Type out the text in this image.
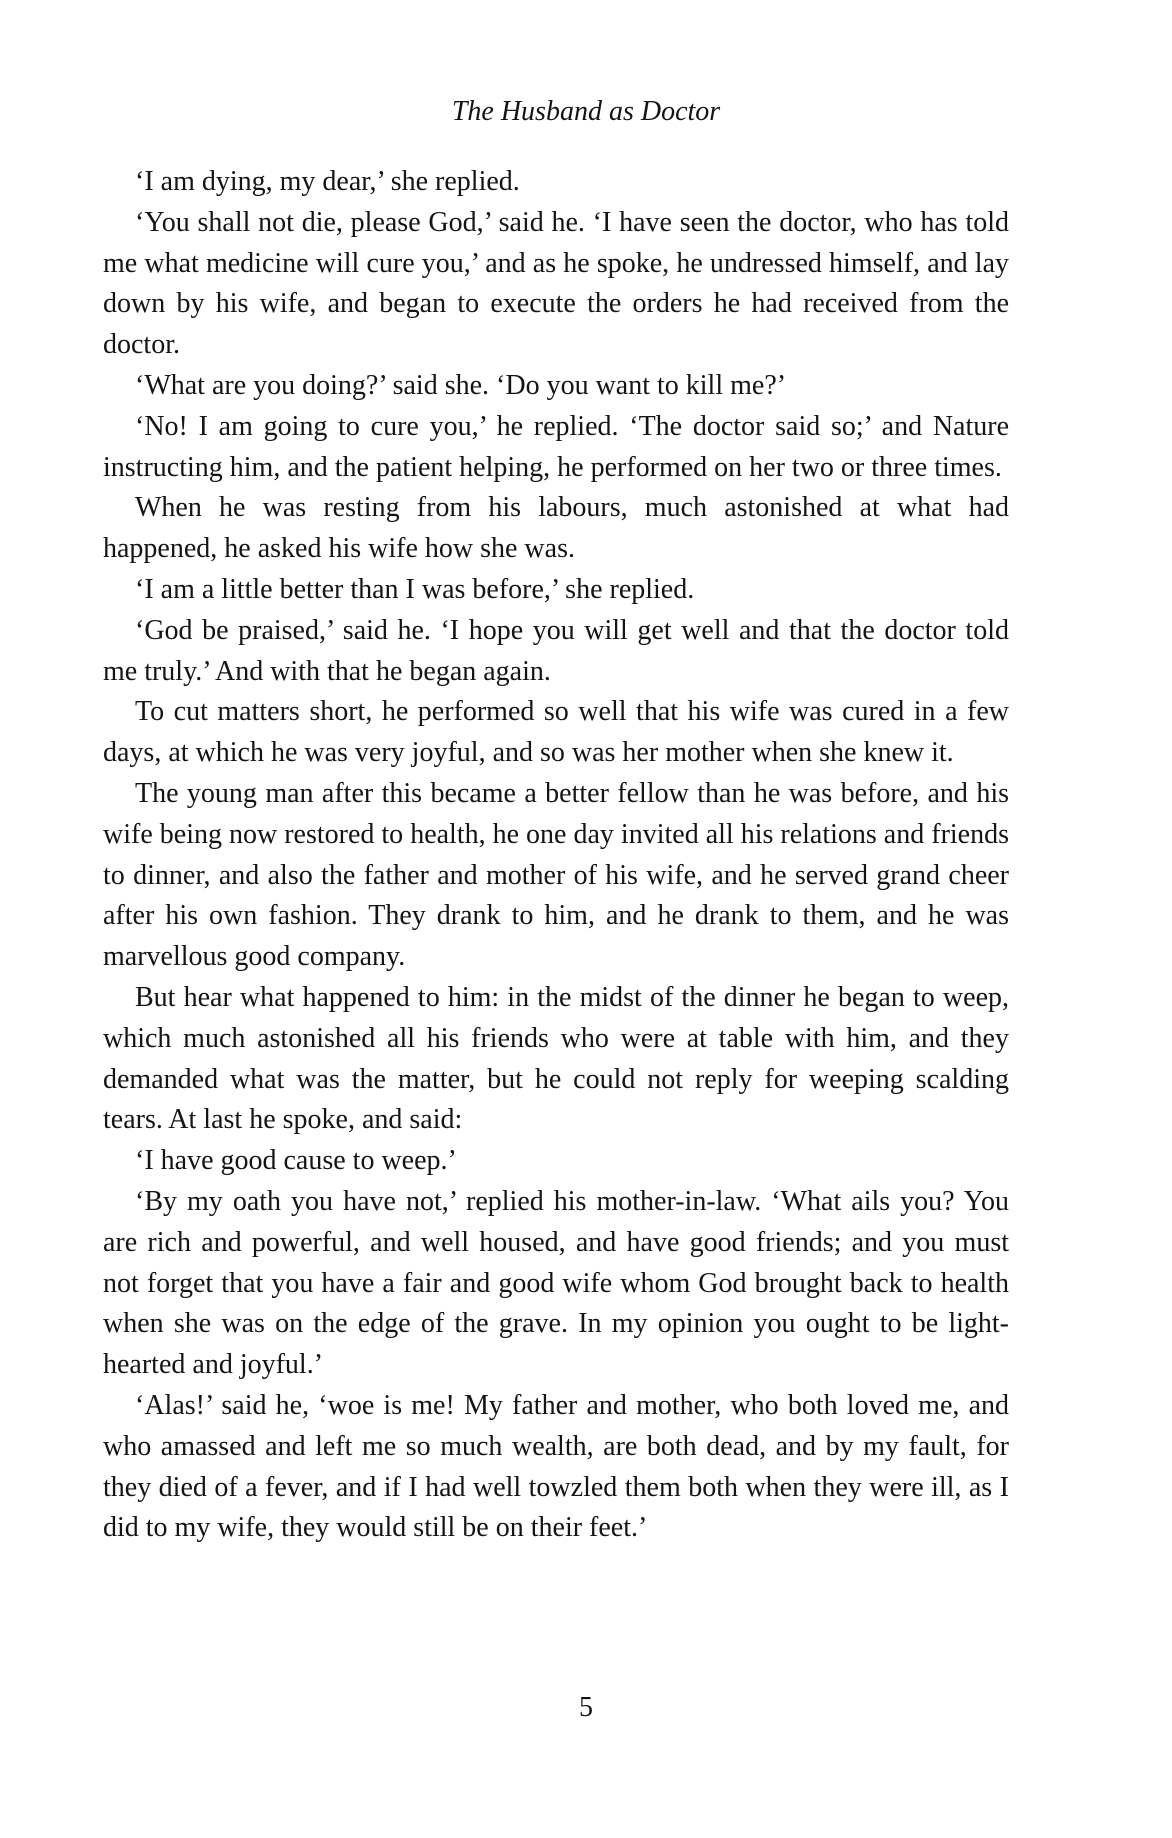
The Husband as Doctor

‘I am dying, my dear,’ she replied.

‘You shall not die, please God,’ said he. ‘I have seen the doctor, who has told me what medicine will cure you,’ and as he spoke, he undressed himself, and lay down by his wife, and began to execute the orders he had received from the doctor.

‘What are you doing?’ said she. ‘Do you want to kill me?’

‘No! I am going to cure you,’ he replied. ‘The doctor said so;’ and Nature instructing him, and the patient helping, he performed on her two or three times.

When he was resting from his labours, much astonished at what had happened, he asked his wife how she was.

‘I am a little better than I was before,’ she replied.

‘God be praised,’ said he. ‘I hope you will get well and that the doctor told me truly.’ And with that he began again.

To cut matters short, he performed so well that his wife was cured in a few days, at which he was very joyful, and so was her mother when she knew it.

The young man after this became a better fellow than he was before, and his wife being now restored to health, he one day invited all his relations and friends to dinner, and also the father and mother of his wife, and he served grand cheer after his own fashion. They drank to him, and he drank to them, and he was marvellous good company.

But hear what happened to him: in the midst of the dinner he began to weep, which much astonished all his friends who were at table with him, and they demanded what was the matter, but he could not reply for weeping scalding tears. At last he spoke, and said:

‘I have good cause to weep.’

‘By my oath you have not,’ replied his mother-in-law. ‘What ails you? You are rich and powerful, and well housed, and have good friends; and you must not forget that you have a fair and good wife whom God brought back to health when she was on the edge of the grave. In my opinion you ought to be light-hearted and joyful.’

‘Alas!’ said he, ‘woe is me! My father and mother, who both loved me, and who amassed and left me so much wealth, are both dead, and by my fault, for they died of a fever, and if I had well towzled them both when they were ill, as I did to my wife, they would still be on their feet.’

5
